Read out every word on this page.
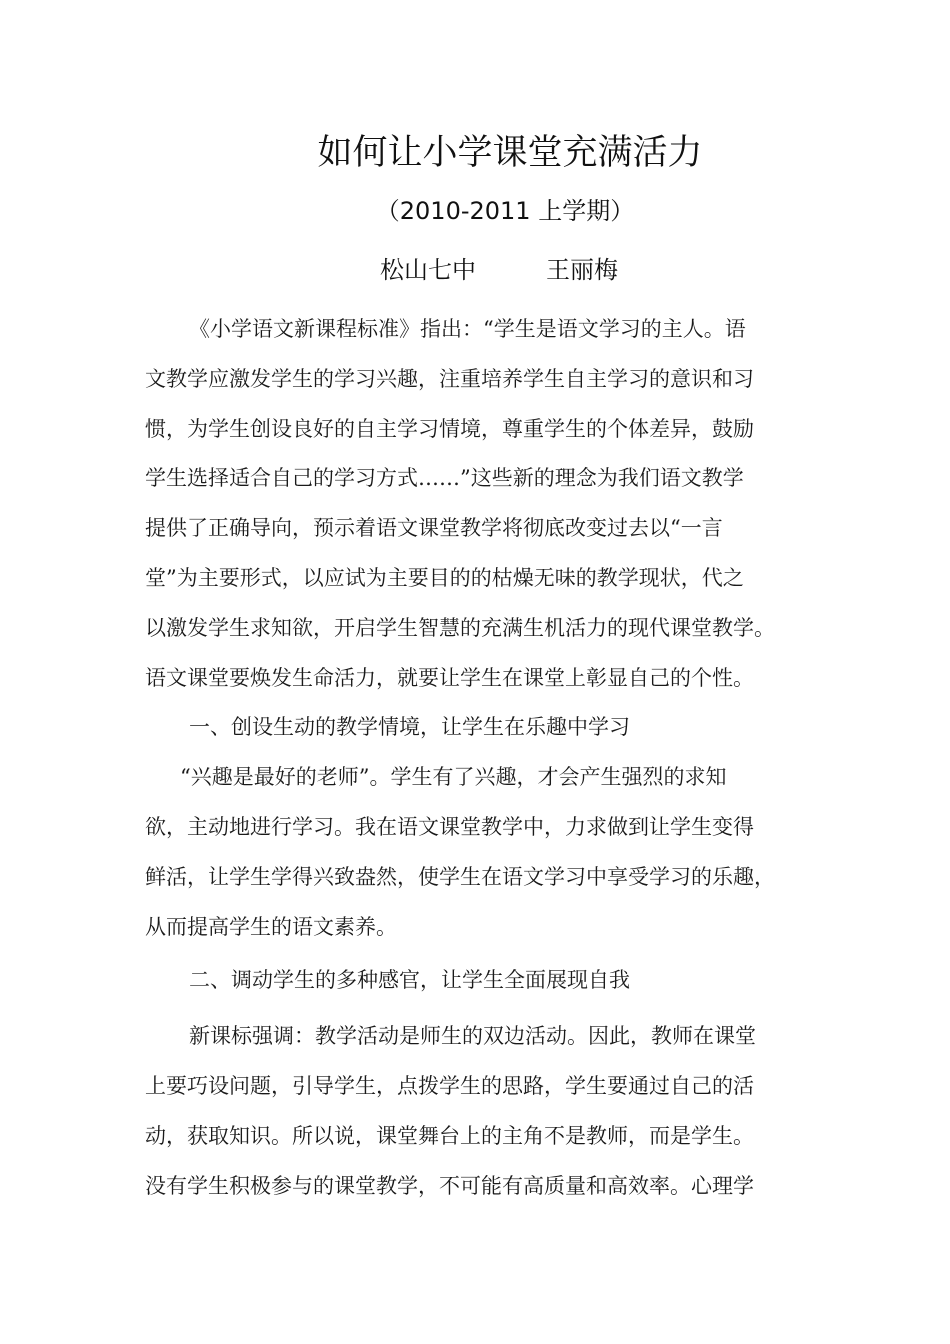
如何让小学课堂充满活力
（2010-2011 上学期）
松山七中	王丽梅
《小学语文新课程标准》指出：“学生是语文学习的主人。语
文教学应激发学生的学习兴趣，注重培养学生自主学习的意识和习
惯，为学生创设良好的自主学习情境，尊重学生的个体差异，鼓励
学生选择适合自己的学习方式……”这些新的理念为我们语文教学
提供了正确导向，预示着语文课堂教学将彻底改变过去以“一言
堂”为主要形式，以应试为主要目的的枯燥无味的教学现状，代之
以激发学生求知欲，开启学生智慧的充满生机活力的现代课堂教学。
语文课堂要焕发生命活力，就要让学生在课堂上彰显自己的个性。
一、创设生动的教学情境，让学生在乐趣中学习
“兴趣是最好的老师”。学生有了兴趣，才会产生强烈的求知
欲，主动地进行学习。我在语文课堂教学中，力求做到让学生变得
鲜活，让学生学得兴致盎然，使学生在语文学习中享受学习的乐趣，
从而提高学生的语文素养。
二、调动学生的多种感官，让学生全面展现自我
新课标强调：教学活动是师生的双边活动。因此，教师在课堂
上要巧设问题，引导学生，点拨学生的思路，学生要通过自己的活
动，获取知识。所以说，课堂舞台上的主角不是教师，而是学生。
没有学生积极参与的课堂教学，不可能有高质量和高效率。心理学
